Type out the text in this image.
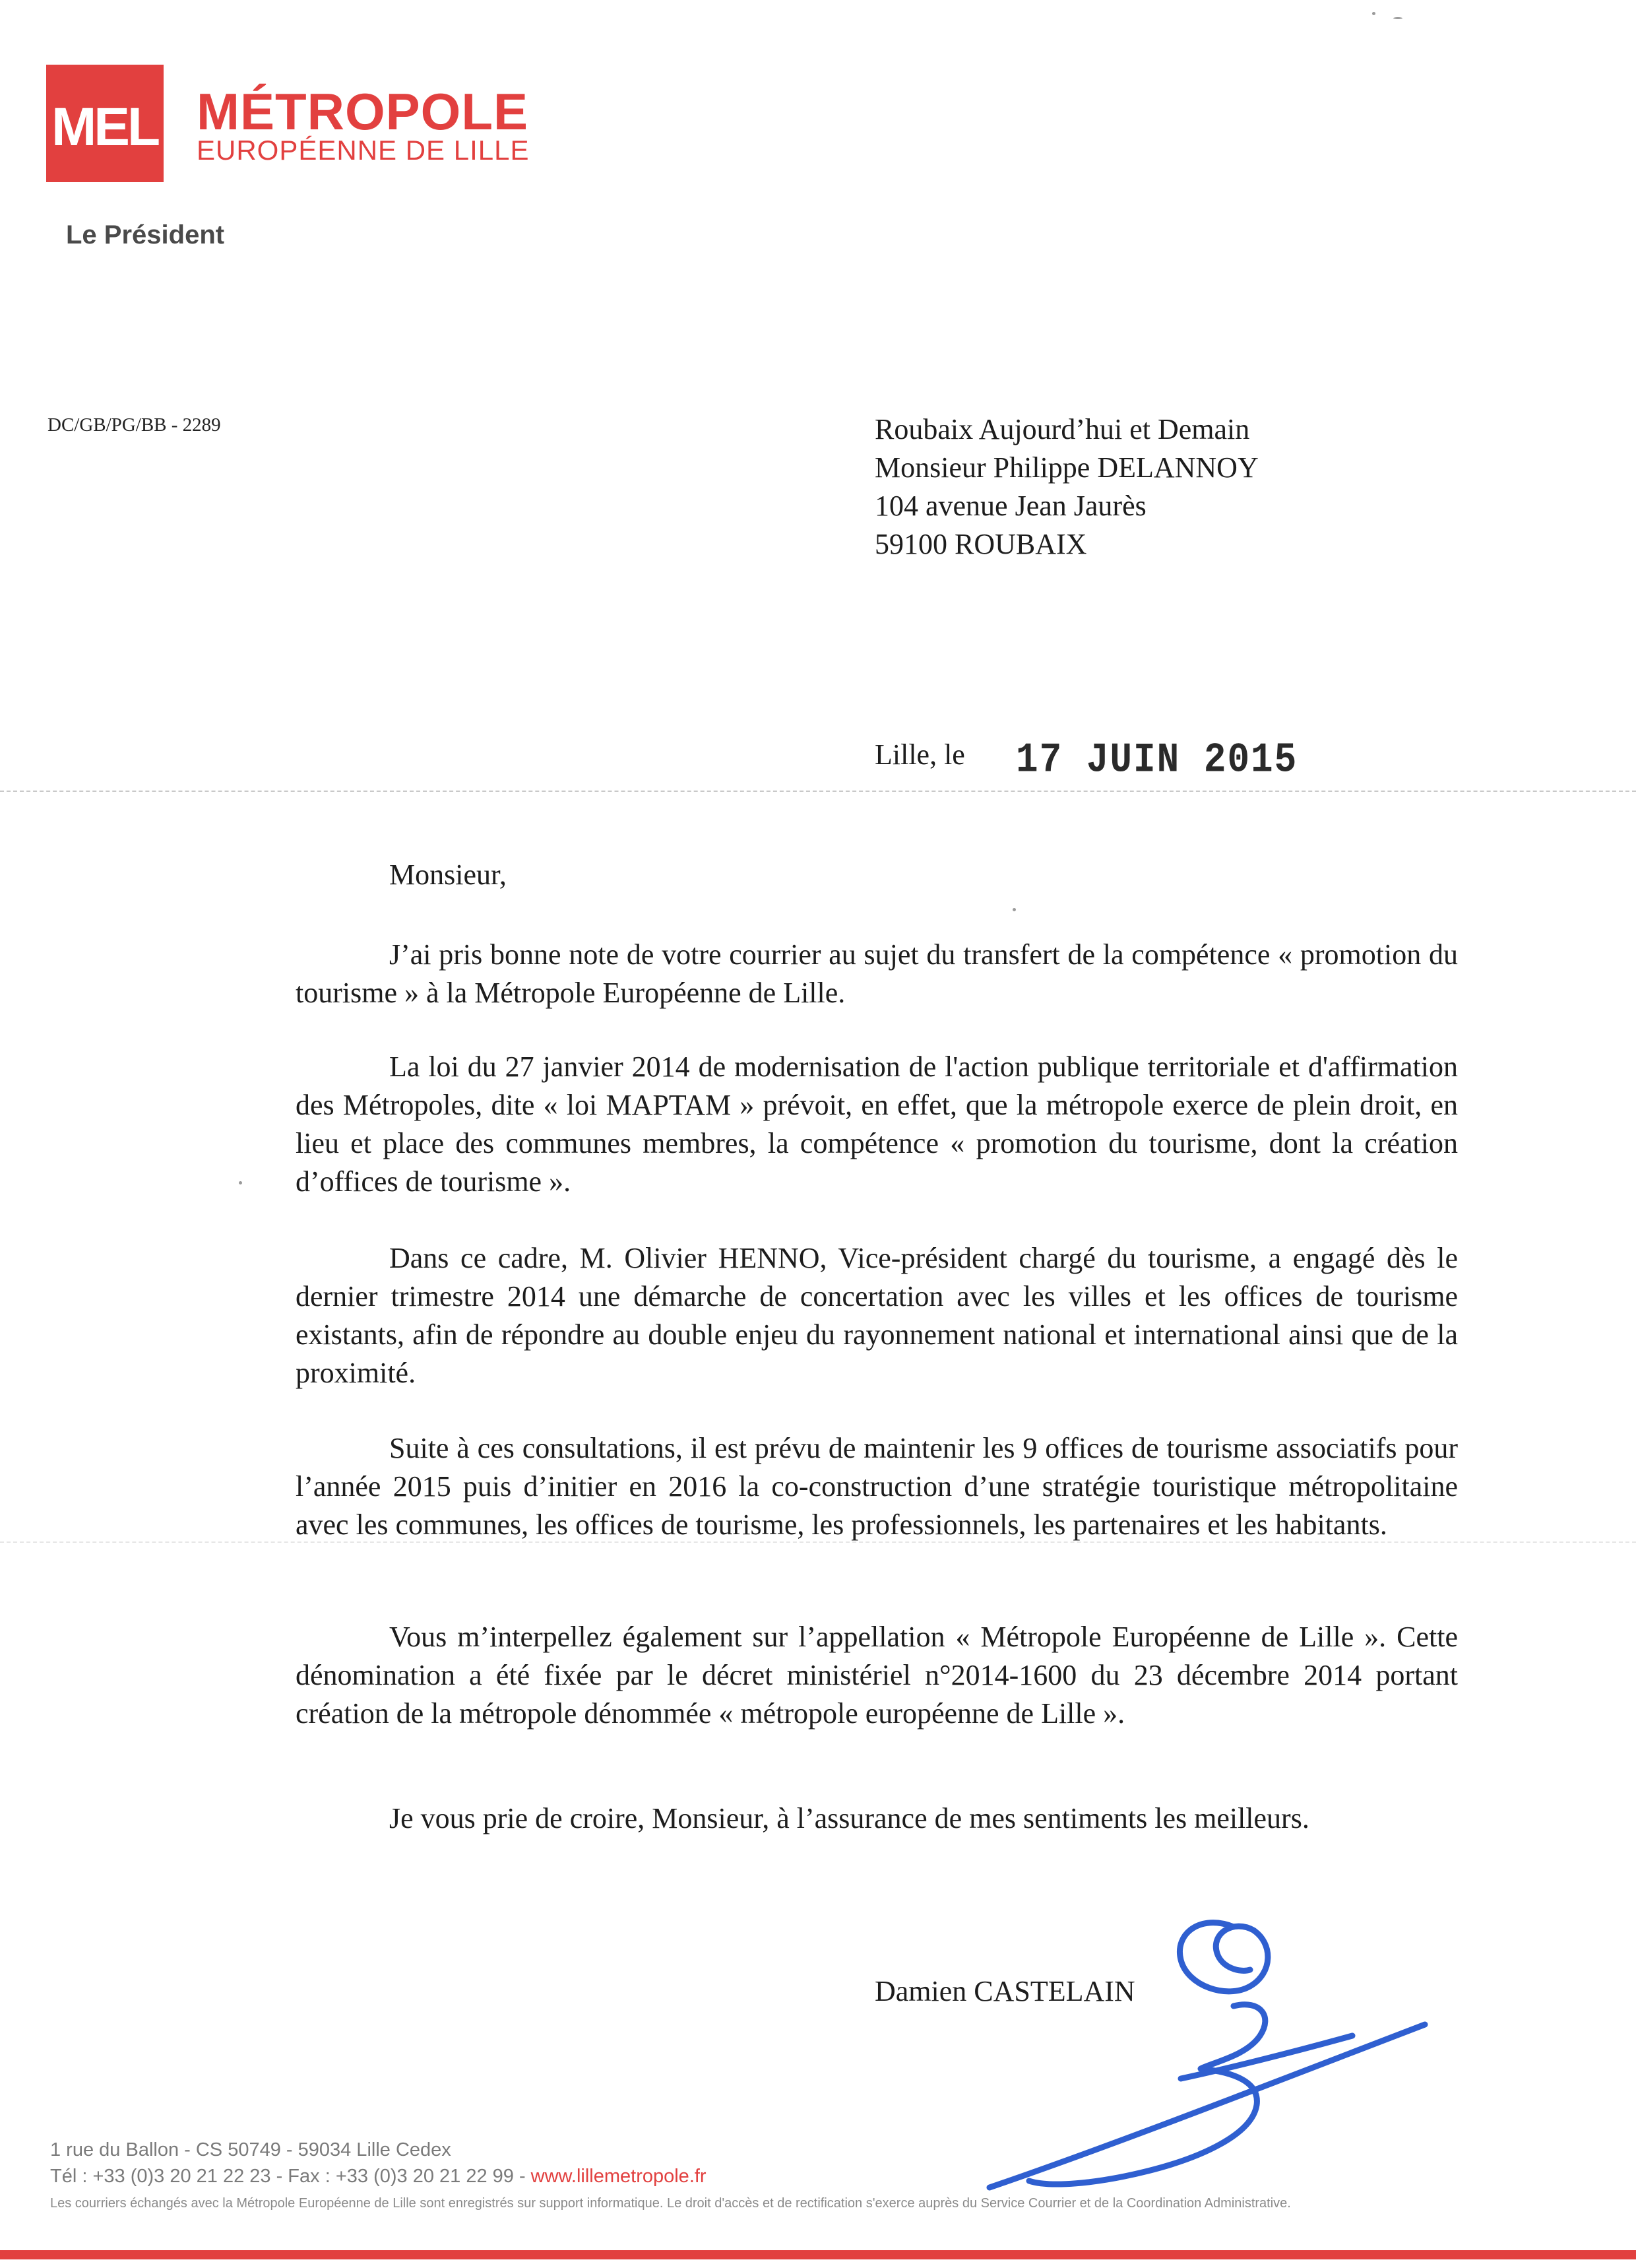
MEL MÉTROPOLE
EUROPÉENNE DE LILLE
Le Président
DC/GB/PG/BB - 2289	Roubaix Aujourd’hui et Demain
Monsieur Philippe DELANNOY
104 avenue Jean Jaurès
59100 ROUBAIX
Lille, le 17 JUIN 2015
Monsieur,

J’ai pris bonne note de votre courrier au sujet du transfert de la compétence « promotion du tourisme » à la Métropole Européenne de Lille.

La loi du 27 janvier 2014 de modernisation de l'action publique territoriale et d'affirmation des Métropoles, dite « loi MAPTAM » prévoit, en effet, que la métropole exerce de plein droit, en lieu et place des communes membres, la compétence « promotion du tourisme, dont la création d’offices de tourisme ».

Dans ce cadre, M. Olivier HENNO, Vice-président chargé du tourisme, a engagé dès le dernier trimestre 2014 une démarche de concertation avec les villes et les offices de tourisme existants, afin de répondre au double enjeu du rayonnement national et international ainsi que de la proximité.

Suite à ces consultations, il est prévu de maintenir les 9 offices de tourisme associatifs pour l’année 2015 puis d’initier en 2016 la co-construction d’une stratégie touristique métropolitaine avec les communes, les offices de tourisme, les professionnels, les partenaires et les habitants.

Vous m’interpellez également sur l’appellation « Métropole Européenne de Lille ». Cette dénomination a été fixée par le décret ministériel n°2014-1600 du 23 décembre 2014 portant création de la métropole dénommée « métropole européenne de Lille ».

Je vous prie de croire, Monsieur, à l’assurance de mes sentiments les meilleurs.
Damien CASTELAIN
1 rue du Ballon - CS 50749 - 59034 Lille Cedex
Tél : +33 (0)3 20 21 22 23 - Fax : +33 (0)3 20 21 22 99 - www.lillemetropole.fr
Les courriers échangés avec la Métropole Européenne de Lille sont enregistrés sur support informatique. Le droit d'accès et de rectification s'exerce auprès du Service Courrier et de la Coordination Administrative.
